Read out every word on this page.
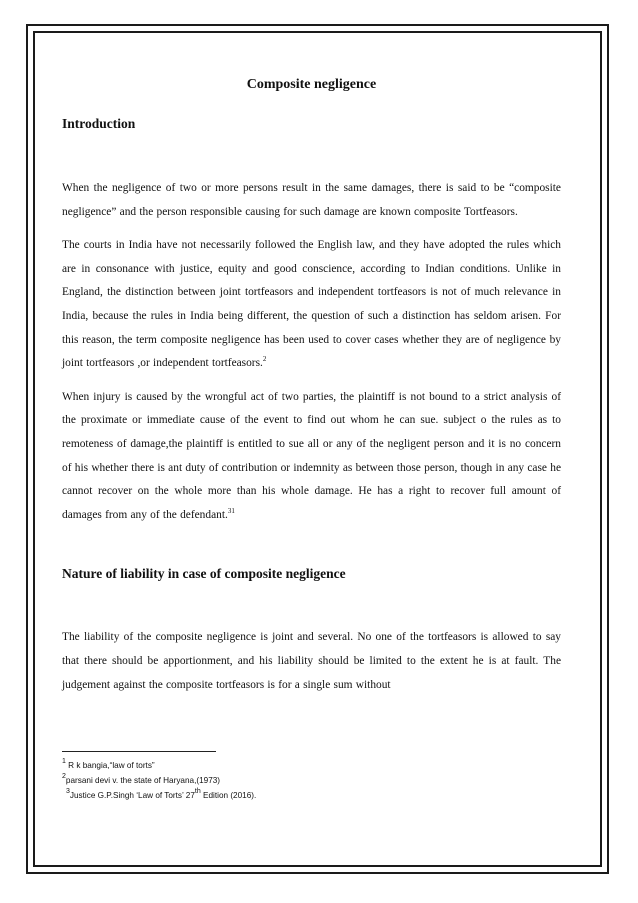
Composite negligence
Introduction

When the negligence of two or more persons result in the same damages, there is said to be “composite negligence” and the person responsible causing for such damage are known composite Tortfeasors.

The courts in India have not necessarily followed the English law, and they have adopted the rules which are in consonance with justice, equity and good conscience, according to Indian conditions. Unlike in England, the distinction between joint tortfeasors and independent tortfeasors is not of much relevance in India, because the rules in India being different, the question of such a distinction has seldom arisen. For this reason, the term composite negligence has been used to cover cases whether they are of negligence by joint tortfeasors ,or independent tortfeasors.$^2$

When injury is caused by the wrongful act of two parties, the plaintiff is not bound to a strict analysis of the proximate or immediate cause of the event to find out whom he can sue. subject o the rules as to remoteness of damage,the plaintiff is entitled to sue all or any of the negligent person and it is no concern of his whether there is ant duty of contribution or indemnity as between those person, though in any case he cannot recover on the whole more than his whole damage. He has a right to recover full amount of damages from any of the defendant.$^{31}$

Nature of liability in case of composite negligence

The liability of the composite negligence is joint and several. No one of the tortfeasors is allowed to say that there should be apportionment, and his liability should be limited to the extent he is at fault. The judgement against the composite tortfeasors is for a single sum without

$^1$ R k bangia,“law of torts”

$^2$parsani devi v. the state of Haryana,(1973)

$^3$Justice G.P.Singh ‘Law of Torts’ 27th Edition (2016).
